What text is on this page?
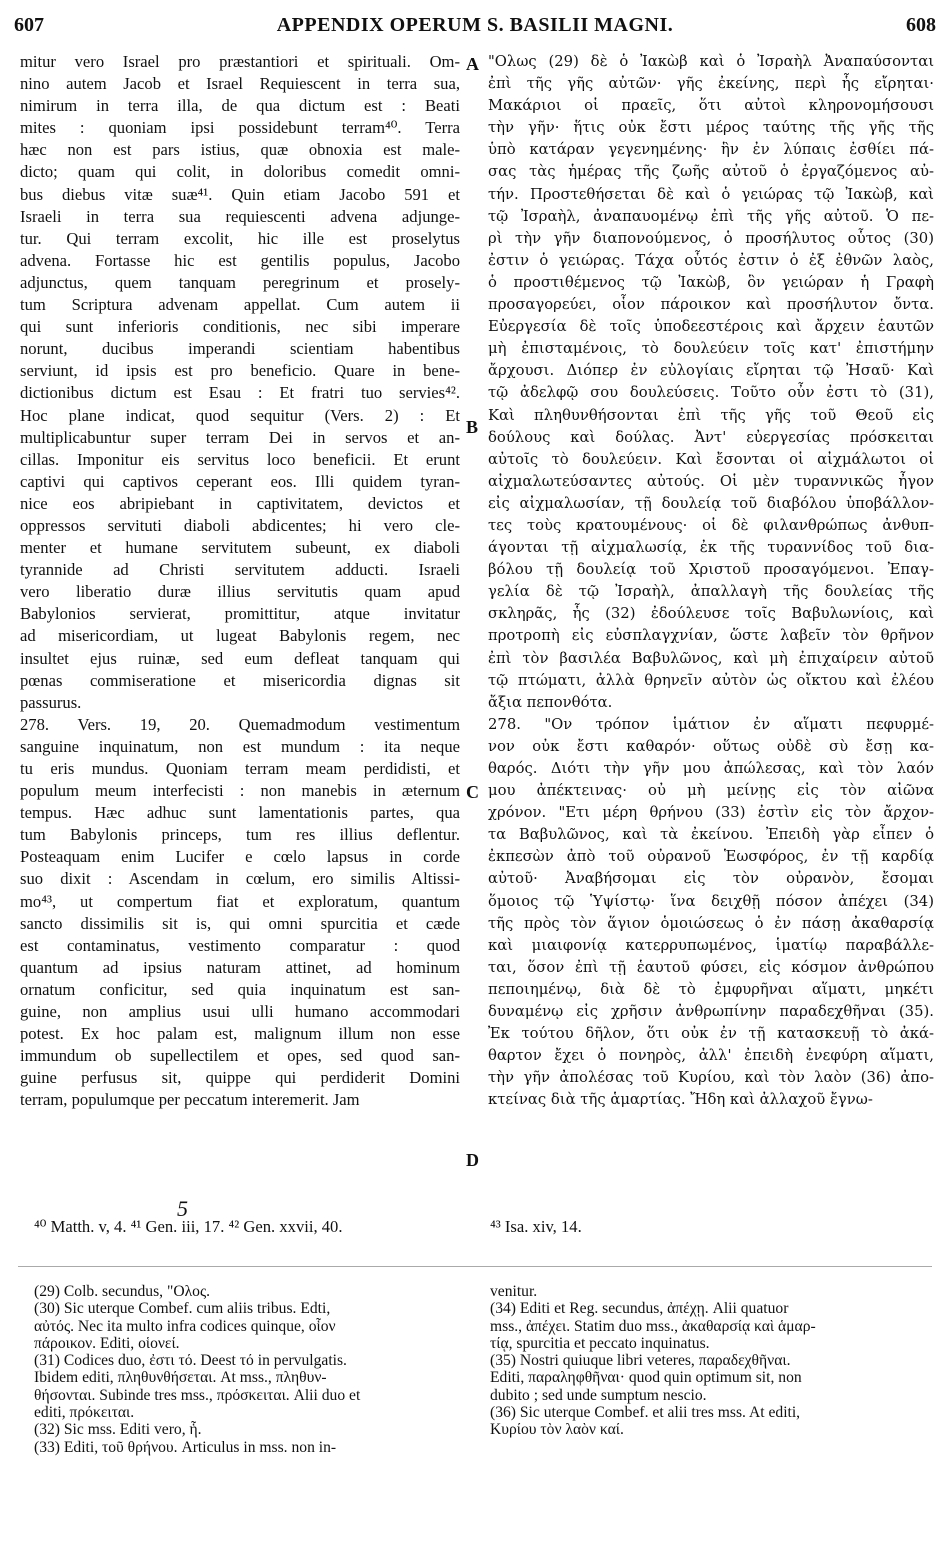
607	APPENDIX OPERUM S. BASILII MAGNI.	608
mitur vero Israel pro præstantiori et spirituali. Om-
nino autem Jacob et Israel Requiescent in terra sua,
nimirum in terra illa, de qua dictum est : Beati
mites : quoniam ipsi possidebunt terram⁴⁰. Terra
hæc non est pars istius, quæ obnoxia est male-
dicto; quam qui colit, in doloribus comedit omni-
bus diebus vitæ suæ⁴¹. Quin etiam Jacobo 591 et
Israeli in terra sua requiescenti advena adjunge-
tur. Qui terram excolit, hic ille est proselytus
advena. Fortasse hic est gentilis populus, Jacobo
adjunctus, quem tanquam peregrinum et prosely-
tum Scriptura advenam appellat. Cum autem ii
qui sunt inferioris conditionis, nec sibi imperare
norunt, ducibus imperandi scientiam habentibus
serviunt, id ipsis est pro beneficio. Quare in bene-
dictionibus dictum est Esau : Et fratri tuo servies⁴².
Hoc plane indicat, quod sequitur (Vers. 2) : Et
multiplicabuntur super terram Dei in servos et an-
cillas. Imponitur eis servitus loco beneficii. Et erunt
captivi qui captivos ceperant eos. Illi quidem tyran-
nice eos abripiebant in captivitatem, devictos et
oppressos servituti diaboli abdicentes; hi vero cle-
menter et humane servitutem subeunt, ex diaboli
tyrannide ad Christi servitutem adducti. Israeli
vero liberatio duræ illius servitutis quam apud
Babylonios servierat, promittitur, atque invitatur
ad misericordiam, ut lugeat Babylonis regem, nec
insultet ejus ruinæ, sed eum defleat tanquam qui
pœnas commiseratione et misericordia dignas sit
passurus.
278. Vers. 19, 20. Quemadmodum vestimentum
sanguine inquinatum, non est mundum : ita neque
tu eris mundus. Quoniam terram meam perdidisti, et
populum meum interfecisti : non manebis in æternum
tempus. Hæc adhuc sunt lamentationis partes, qua
tum Babylonis princeps, tum res illius deflentur.
Posteaquam enim Lucifer e cœlo lapsus in corde
suo dixit : Ascendam in cœlum, ero similis Altissi-
mo⁴³, ut compertum fiat et exploratum, quantum
sancto dissimilis sit is, qui omni spurcitia et cæde
est contaminatus, vestimento comparatur : quod
quantum ad ipsius naturam attinet, ad hominum
ornatum conficitur, sed quia inquinatum est san-
guine, non amplius usui ulli humano accommodari
potest. Ex hoc palam est, malignum illum non esse
immundum ob supellectilem et opes, sed quod san-
guine perfusus sit, quippe qui perdiderit Domini
terram, populumque per peccatum interemerit. Jam
"Ολως (29) δὲ ὁ Ἰακὼβ καὶ ὁ Ἰσραὴλ Ἀναπαύσονται
ἐπὶ τῆς γῆς αὐτῶν· γῆς ἐκείνης, περὶ ἧς εἴρηται·
Μακάριοι οἱ πραεῖς, ὅτι αὐτοὶ κληρονομήσουσι
τὴν γῆν· ἥτις οὐκ ἔστι μέρος ταύτης τῆς γῆς τῆς
ὑπὸ κατάραν γεγενημένης· ἣν ἐν λύπαις ἐσθίει πά-
σας τὰς ἡμέρας τῆς ζωῆς αὐτοῦ ὁ ἐργαζόμενος αὐ-
τήν. Προστεθήσεται δὲ καὶ ὁ γειώρας τῷ Ἰακὼβ, καὶ
τῷ Ἰσραὴλ, ἀναπαυομένῳ ἐπὶ τῆς γῆς αὐτοῦ. Ὁ πε-
ρὶ τὴν γῆν διαπονούμενος, ὁ προσήλυτος οὗτος (30)
ἐστιν ὁ γειώρας. Τάχα οὗτός ἐστιν ὁ ἐξ ἐθνῶν λαὸς,
ὁ προστιθέμενος τῷ Ἰακὼβ, ὃν γειώραν ἡ Γραφὴ
προσαγορεύει, οἷον πάροικον καὶ προσήλυτον ὄντα.
Εὐεργεσία δὲ τοῖς ὑποδεεστέροις καὶ ἄρχειν ἑαυτῶν
μὴ ἐπισταμένοις, τὸ δουλεύειν τοῖς κατ' ἐπιστήμην
ἄρχουσι. Διόπερ ἐν εὐλογίαις εἴρηται τῷ Ἠσαῦ· Καὶ
τῷ ἀδελφῷ σου δουλεύσεις. Τοῦτο οὖν ἐστι τὸ (31),
Καὶ πληθυνθήσονται ἐπὶ τῆς γῆς τοῦ Θεοῦ εἰς
δούλους καὶ δούλας. Ἀντ' εὐεργεσίας πρόσκειται
αὐτοῖς τὸ δουλεύειν. Καὶ ἔσονται οἱ αἰχμάλωτοι οἱ
αἰχμαλωτεύσαντες αὐτούς. Οἱ μὲν τυραννικῶς ἦγον
εἰς αἰχμαλωσίαν, τῇ δουλείᾳ τοῦ διαβόλου ὑποβάλλον-
τες τοὺς κρατουμένους· οἱ δὲ φιλανθρώπως ἀνθυπ-
άγονται τῇ αἰχμαλωσίᾳ, ἐκ τῆς τυραννίδος τοῦ δια-
βόλου τῇ δουλείᾳ τοῦ Χριστοῦ προσαγόμενοι. Ἐπαγ-
γελία δὲ τῷ Ἰσραὴλ, ἀπαλλαγὴ τῆς δουλείας τῆς
σκληρᾶς, ἧς (32) ἐδούλευσε τοῖς Βαβυλωνίοις, καὶ
προτροπὴ εἰς εὐσπλαγχνίαν, ὥστε λαβεῖν τὸν θρῆνον
ἐπὶ τὸν βασιλέα Βαβυλῶνος, καὶ μὴ ἐπιχαίρειν αὐτοῦ
τῷ πτώματι, ἀλλὰ θρηνεῖν αὐτὸν ὡς οἴκτου καὶ ἐλέου
ἄξια πεπονθότα.
278. "Ον τρόπον ἱμάτιον ἐν αἵματι πεφυρμέ-
νον οὐκ ἔστι καθαρόν· οὕτως οὐδὲ σὺ ἔσῃ κα-
θαρός. Διότι τὴν γῆν μου ἀπώλεσας, καὶ τὸν λαόν
μου ἀπέκτεινας· οὐ μὴ μείνῃς εἰς τὸν αἰῶνα
χρόνον. "Ετι μέρη θρήνου (33) ἐστὶν εἰς τὸν ἄρχον-
τα Βαβυλῶνος, καὶ τὰ ἐκείνου. Ἐπειδὴ γὰρ εἶπεν ὁ
ἐκπεσὼν ἀπὸ τοῦ οὐρανοῦ Ἑωσφόρος, ἐν τῇ καρδίᾳ
αὐτοῦ· Ἀναβήσομαι εἰς τὸν οὐρανὸν, ἔσομαι
ὅμοιος τῷ Ὑψίστῳ· ἵνα δειχθῇ πόσον ἀπέχει (34)
τῆς πρὸς τὸν ἅγιον ὁμοιώσεως ὁ ἐν πάσῃ ἀκαθαρσίᾳ
καὶ μιαιφονίᾳ κατερρυπωμένος, ἱματίῳ παραβάλλε-
ται, ὅσον ἐπὶ τῇ ἑαυτοῦ φύσει, εἰς κόσμον ἀνθρώπου
πεποιημένῳ, διὰ δὲ τὸ ἐμφυρῆναι αἵματι, μηκέτι
δυναμένῳ εἰς χρῆσιν ἀνθρωπίνην παραδεχθῆναι (35).
Ἐκ τούτου δῆλον, ὅτι οὐκ ἐν τῇ κατασκευῇ τὸ ἀκά-
θαρτον ἔχει ὁ πονηρὸς, ἀλλ' ἐπειδὴ ἐνεφύρη αἵματι,
τὴν γῆν ἀπολέσας τοῦ Κυρίου, καὶ τὸν λαὸν (36) ἀπο-
κτείνας διὰ τῆς ἁμαρτίας. Ἤδη καὶ ἀλλαχοῦ ἔγνω-
A
B
C
D
5
⁴⁰ Matth. v, 4. ⁴¹ Gen. iii, 17. ⁴² Gen. xxvii, 40.	⁴³ Isa. xiv, 14.
(29) Colb. secundus, "Ολος.
(30) Sic uterque Combef. cum aliis tribus. Edti,
αὐτός. Nec ita multo infra codices quinque, οἷον
πάροικον. Editi, οἱονεί.
(31) Codices duo, ἐστι τό. Deest τό in pervulgatis.
Ibidem editi, πληθυνθήσεται. At mss., πληθυν-
θήσονται. Subinde tres mss., πρόσκειται. Alii duo et
editi, πρόκειται.
(32) Sic mss. Editi vero, ἧ.
(33) Editi, τοῦ θρήνου. Articulus in mss. non in-
venitur.
(34) Editi et Reg. secundus, ἀπέχῃ. Alii quatuor
mss., ἀπέχει. Statim duo mss., ἀκαθαρσίᾳ καὶ ἁμαρ-
τίᾳ, spurcitia et peccato inquinatus.
(35) Nostri quiuque libri veteres, παραδεχθῆναι.
Editi, παραληφθῆναι· quod quin optimum sit, non
dubito ; sed unde sumptum nescio.
(36) Sic uterque Combef. et alii tres mss. At editi,
Κυρίου τὸν λαὸν καί.
